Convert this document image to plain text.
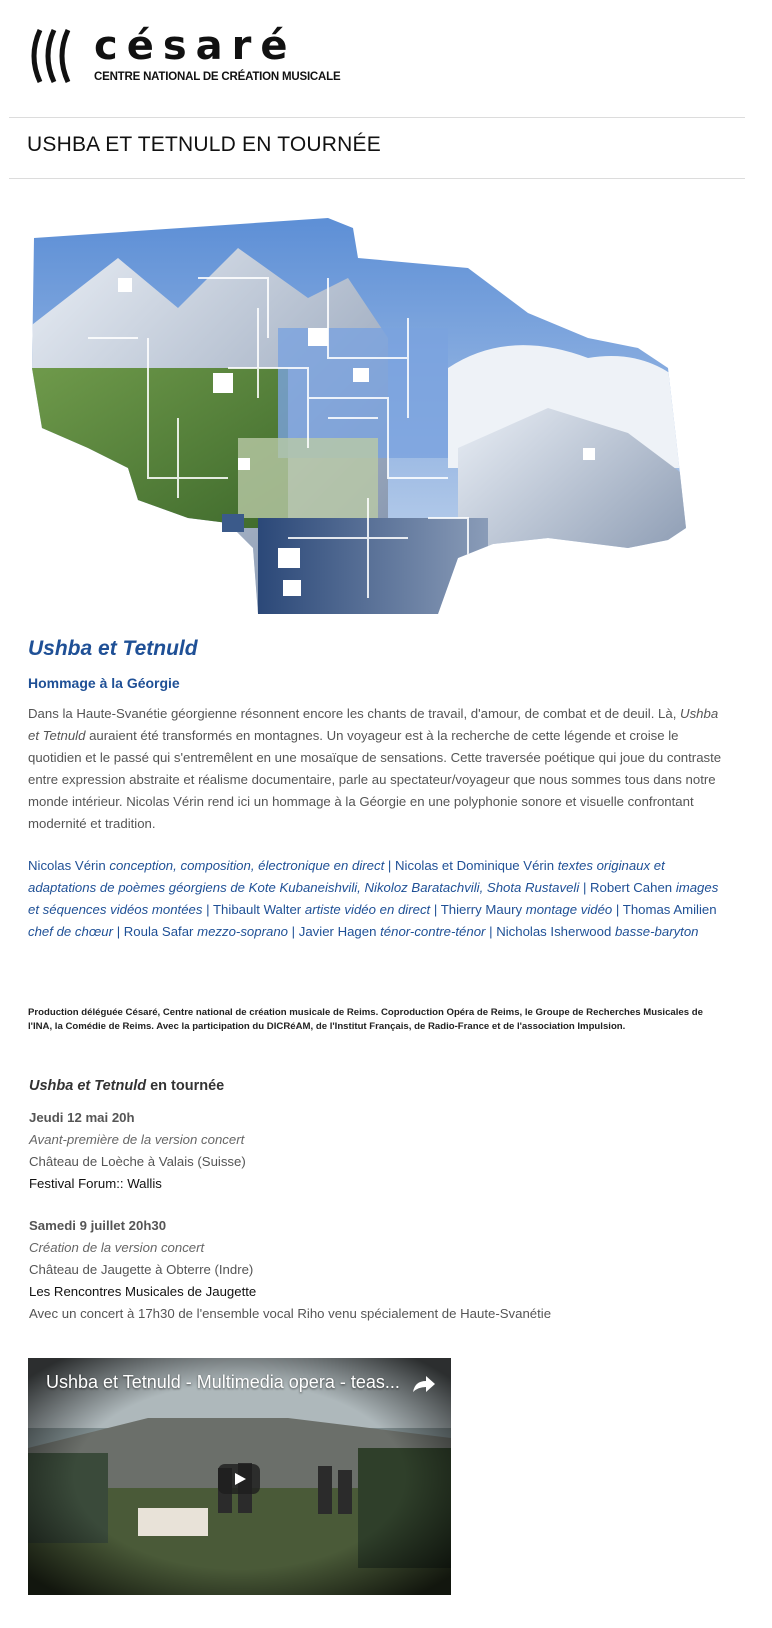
césaré
CENTRE NATIONAL DE CRÉATION MUSICALE
USHBA ET TETNULD EN TOURNÉE
Ushba et Tetnuld
Hommage à la Géorgie

Dans la Haute-Svanétie géorgienne résonnent encore les chants de travail, d'amour, de combat et de deuil. Là, Ushba et Tetnuld auraient été transformés en montagnes. Un voyageur est à la recherche de cette légende et croise le quotidien et le passé qui s'entremêlent en une mosaïque de sensations. Cette traversée poétique qui joue du contraste entre expression abstraite et réalisme documentaire, parle au spectateur/voyageur que nous sommes tous dans notre monde intérieur. Nicolas Vérin rend ici un hommage à la Géorgie en une polyphonie sonore et visuelle confrontant modernité et tradition.

Nicolas Vérin conception, composition, électronique en direct | Nicolas et Dominique Vérin textes originaux et adaptations de poèmes géorgiens de Kote Kubaneishvili, Nikoloz Baratachvili, Shota Rustaveli | Robert Cahen images et séquences vidéos montées | Thibault Walter artiste vidéo en direct | Thierry Maury montage vidéo | Thomas Amilien chef de chœur | Roula Safar mezzo-soprano | Javier Hagen ténor-contre-ténor | Nicholas Isherwood basse-baryton

Production déléguée Césaré, Centre national de création musicale de Reims. Coproduction Opéra de Reims, le Groupe de Recherches Musicales de l'INA, la Comédie de Reims. Avec la participation du DICRéAM, de l'Institut Français, de Radio-France et de l'association Impulsion.

Ushba et Tetnuld en tournée
Jeudi 12 mai 20h
Avant-première de la version concert
Château de Loèche à Valais (Suisse)
Festival Forum:: Wallis
Samedi 9 juillet 20h30
Création de la version concert
Château de Jaugette à Obterre (Indre)
Les Rencontres Musicales de Jaugette
Avec un concert à 17h30 de l'ensemble vocal Riho venu spécialement de Haute-Svanétie
Ushba et Tetnuld - Multimedia opera - teas...
